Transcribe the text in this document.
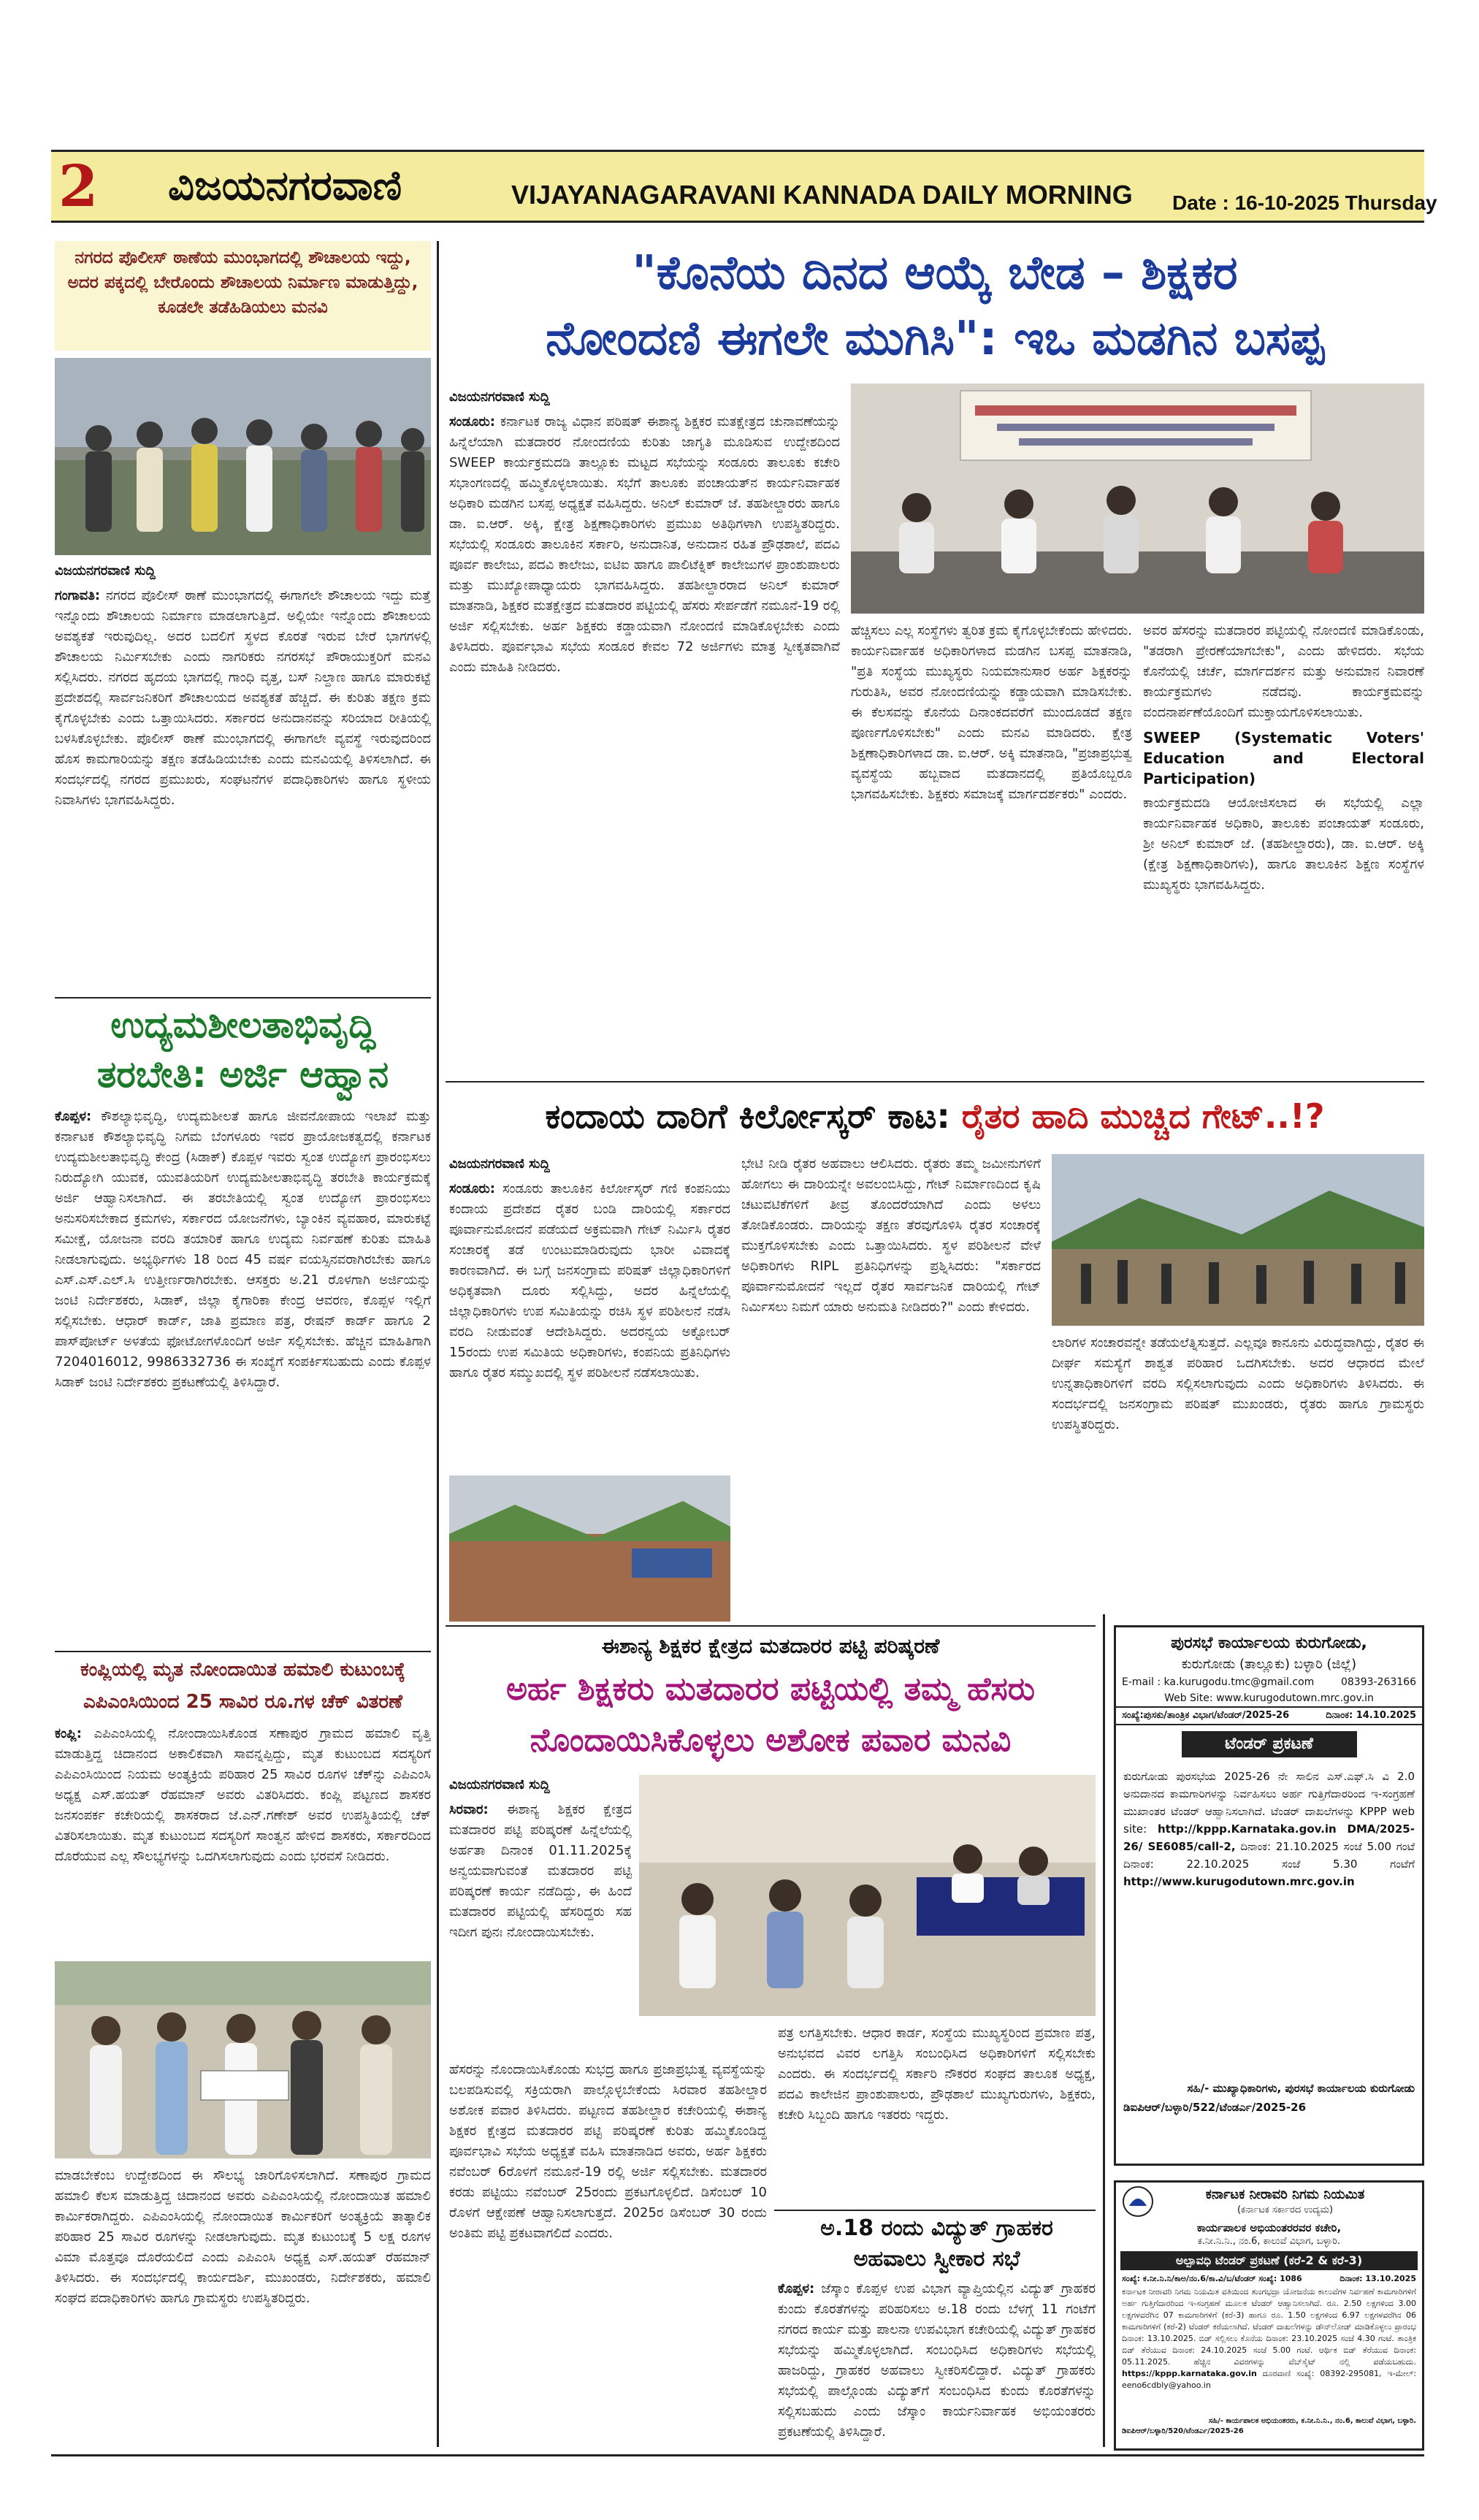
2 ವಿಜಯನಗರವಾಣಿ	VIJAYANAGARAVANI KANNADA DAILY MORNING Date : 16-10-2025 Thursday
ನಗರದ ಪೊಲೀಸ್ ಠಾಣೆಯ ಮುಂಭಾಗದಲ್ಲಿ ಶೌಚಾಲಯ ಇದ್ದು, ಅದರ ಪಕ್ಕದಲ್ಲಿ ಬೇರೊಂದು ಶೌಚಾಲಯ ನಿರ್ಮಾಣ ಮಾಡುತ್ತಿದ್ದು, ಕೂಡಲೇ ತಡೆಹಿಡಿಯಲು ಮನವಿ

ವಿಜಯನಗರವಾಣಿ ಸುದ್ದಿ

ಗಂಗಾವತಿ: ನಗರದ ಪೊಲೀಸ್ ಠಾಣೆ ಮುಂಭಾಗದಲ್ಲಿ ಈಗಾಗಲೇ ಶೌಚಾಲಯ ಇದ್ದು ಮತ್ತೆ ಇನ್ನೊಂದು ಶೌಚಾಲಯ ನಿರ್ಮಾಣ ಮಾಡಲಾಗುತ್ತಿದೆ. ಅಲ್ಲಿಯೇ ಇನ್ನೊಂದು ಶೌಚಾಲಯ ಅವಶ್ಯಕತೆ ಇರುವುದಿಲ್ಲ. ಅದರ ಬದಲಿಗೆ ಸ್ಥಳದ ಕೊರತೆ ಇರುವ ಬೇರೆ ಭಾಗಗಳಲ್ಲಿ ಶೌಚಾಲಯ ನಿರ್ಮಿಸಬೇಕು ಎಂದು ನಾಗರಿಕರು ನಗರಸಭೆ ಪೌರಾಯುಕ್ತರಿಗೆ ಮನವಿ ಸಲ್ಲಿಸಿದರು. ನಗರದ ಹೃದಯ ಭಾಗದಲ್ಲಿ ಗಾಂಧಿ ವೃತ್ತ, ಬಸ್ ನಿಲ್ದಾಣ ಹಾಗೂ ಮಾರುಕಟ್ಟೆ ಪ್ರದೇಶದಲ್ಲಿ ಸಾರ್ವಜನಿಕರಿಗೆ ಶೌಚಾಲಯದ ಅವಶ್ಯಕತೆ ಹೆಚ್ಚಿದೆ. ಈ ಕುರಿತು ತಕ್ಷಣ ಕ್ರಮ ಕೈಗೊಳ್ಳಬೇಕು ಎಂದು ಒತ್ತಾಯಿಸಿದರು. ಸರ್ಕಾರದ ಅನುದಾನವನ್ನು ಸರಿಯಾದ ರೀತಿಯಲ್ಲಿ ಬಳಸಿಕೊಳ್ಳಬೇಕು. ಪೊಲೀಸ್ ಠಾಣೆ ಮುಂಭಾಗದಲ್ಲಿ ಈಗಾಗಲೇ ವ್ಯವಸ್ಥೆ ಇರುವುದರಿಂದ ಹೊಸ ಕಾಮಗಾರಿಯನ್ನು ತಕ್ಷಣ ತಡೆಹಿಡಿಯಬೇಕು ಎಂದು ಮನವಿಯಲ್ಲಿ ತಿಳಿಸಲಾಗಿದೆ. ಈ ಸಂದರ್ಭದಲ್ಲಿ ನಗರದ ಪ್ರಮುಖರು, ಸಂಘಟನೆಗಳ ಪದಾಧಿಕಾರಿಗಳು ಹಾಗೂ ಸ್ಥಳೀಯ ನಿವಾಸಿಗಳು ಭಾಗವಹಿಸಿದ್ದರು.

ಉದ್ಯಮಶೀಲತಾಭಿವೃದ್ಧಿ
ತರಬೇತಿ: ಅರ್ಜಿ ಆಹ್ವಾನ

ಕೊಪ್ಪಳ: ಕೌಶಲ್ಯಾಭಿವೃದ್ಧಿ, ಉದ್ಯಮಶೀಲತೆ ಹಾಗೂ ಜೀವನೋಪಾಯ ಇಲಾಖೆ ಮತ್ತು ಕರ್ನಾಟಕ ಕೌಶಲ್ಯಾಭಿವೃದ್ಧಿ ನಿಗಮ ಬೆಂಗಳೂರು ಇವರ ಪ್ರಾಯೋಜಕತ್ವದಲ್ಲಿ ಕರ್ನಾಟಕ ಉದ್ಯಮಶೀಲತಾಭಿವೃದ್ಧಿ ಕೇಂದ್ರ (ಸಿಡಾಕ್) ಕೊಪ್ಪಳ ಇವರು ಸ್ವಂತ ಉದ್ಯೋಗ ಪ್ರಾರಂಭಿಸಲು ನಿರುದ್ಯೋಗಿ ಯುವಕ, ಯುವತಿಯರಿಗೆ ಉದ್ಯಮಶೀಲತಾಭಿವೃದ್ಧಿ ತರಬೇತಿ ಕಾರ್ಯಕ್ರಮಕ್ಕೆ ಅರ್ಜಿ ಆಹ್ವಾನಿಸಲಾಗಿದೆ. ಈ ತರಬೇತಿಯಲ್ಲಿ ಸ್ವಂತ ಉದ್ಯೋಗ ಪ್ರಾರಂಭಿಸಲು ಅನುಸರಿಸಬೇಕಾದ ಕ್ರಮಗಳು, ಸರ್ಕಾರದ ಯೋಜನೆಗಳು, ಬ್ಯಾಂಕಿನ ವ್ಯವಹಾರ, ಮಾರುಕಟ್ಟೆ ಸಮೀಕ್ಷೆ, ಯೋಜನಾ ವರದಿ ತಯಾರಿಕೆ ಹಾಗೂ ಉದ್ಯಮ ನಿರ್ವಹಣೆ ಕುರಿತು ಮಾಹಿತಿ ನೀಡಲಾಗುವುದು. ಅಭ್ಯರ್ಥಿಗಳು 18 ರಿಂದ 45 ವರ್ಷ ವಯಸ್ಸಿನವರಾಗಿರಬೇಕು ಹಾಗೂ ಎಸ್.ಎಸ್.ಎಲ್.ಸಿ ಉತ್ತೀರ್ಣರಾಗಿರಬೇಕು. ಆಸಕ್ತರು ಅ.21 ರೊಳಗಾಗಿ ಅರ್ಜಿಯನ್ನು ಜಂಟಿ ನಿರ್ದೇಶಕರು, ಸಿಡಾಕ್, ಜಿಲ್ಲಾ ಕೈಗಾರಿಕಾ ಕೇಂದ್ರ ಆವರಣ, ಕೊಪ್ಪಳ ಇಲ್ಲಿಗೆ ಸಲ್ಲಿಸಬೇಕು. ಆಧಾರ್ ಕಾರ್ಡ್, ಜಾತಿ ಪ್ರಮಾಣ ಪತ್ರ, ರೇಷನ್ ಕಾರ್ಡ್ ಹಾಗೂ 2 ಪಾಸ್‌ಪೋರ್ಟ್ ಅಳತೆಯ ಫೋಟೋಗಳೊಂದಿಗೆ ಅರ್ಜಿ ಸಲ್ಲಿಸಬೇಕು. ಹೆಚ್ಚಿನ ಮಾಹಿತಿಗಾಗಿ 7204016012, 9986332736 ಈ ಸಂಖ್ಯೆಗೆ ಸಂಪರ್ಕಿಸಬಹುದು ಎಂದು ಕೊಪ್ಪಳ ಸಿಡಾಕ್ ಜಂಟಿ ನಿರ್ದೇಶಕರು ಪ್ರಕಟಣೆಯಲ್ಲಿ ತಿಳಿಸಿದ್ದಾರೆ.

ಕಂಪ್ಲಿಯಲ್ಲಿ ಮೃತ ನೋಂದಾಯಿತ ಹಮಾಲಿ ಕುಟುಂಬಕ್ಕೆ
ಎಪಿಎಂಸಿಯಿಂದ 25 ಸಾವಿರ ರೂ.ಗಳ ಚೆಕ್ ವಿತರಣೆ

ಕಂಪ್ಲಿ: ಎಪಿಎಂಸಿಯಲ್ಲಿ ನೋಂದಾಯಿಸಿಕೊಂಡ ಸಣಾಪುರ ಗ್ರಾಮದ ಹಮಾಲಿ ವೃತ್ತಿ ಮಾಡುತ್ತಿದ್ದ ಚಿದಾನಂದ ಅಕಾಲಿಕವಾಗಿ ಸಾವನ್ನಪ್ಪಿದ್ದು, ಮೃತ ಕುಟುಂಬದ ಸದಸ್ಯರಿಗೆ ಎಪಿಎಂಸಿಯಿಂದ ನಿಯಮ ಅಂತ್ಯಕ್ರಿಯೆ ಪರಿಹಾರ 25 ಸಾವಿರ ರೂಗಳ ಚೆಕ್‌ನ್ನು ಎಪಿಎಂಸಿ ಅಧ್ಯಕ್ಷ ಎಸ್.ಹಯತ್ ರೆಹಮಾನ್ ಅವರು ವಿತರಿಸಿದರು. ಕಂಪ್ಲಿ ಪಟ್ಟಣದ ಶಾಸಕರ ಜನಸಂಪರ್ಕ ಕಚೇರಿಯಲ್ಲಿ ಶಾಸಕರಾದ ಜೆ.ಎನ್.ಗಣೇಶ್ ಅವರ ಉಪಸ್ಥಿತಿಯಲ್ಲಿ ಚೆಕ್ ವಿತರಿಸಲಾಯಿತು. ಮೃತ ಕುಟುಂಬದ ಸದಸ್ಯರಿಗೆ ಸಾಂತ್ವನ ಹೇಳಿದ ಶಾಸಕರು, ಸರ್ಕಾರದಿಂದ ದೊರೆಯುವ ಎಲ್ಲ ಸೌಲಭ್ಯಗಳನ್ನು ಒದಗಿಸಲಾಗುವುದು ಎಂದು ಭರವಸೆ ನೀಡಿದರು.

ಮಾಡಬೇಕೆಂಬ ಉದ್ದೇಶದಿಂದ ಈ ಸೌಲಭ್ಯ ಜಾರಿಗೊಳಿಸಲಾಗಿದೆ. ಸಣಾಪುರ ಗ್ರಾಮದ ಹಮಾಲಿ ಕೆಲಸ ಮಾಡುತ್ತಿದ್ದ ಚಿದಾನಂದ ಅವರು ಎಪಿಎಂಸಿಯಲ್ಲಿ ನೋಂದಾಯಿತ ಹಮಾಲಿ ಕಾರ್ಮಿಕರಾಗಿದ್ದರು. ಎಪಿಎಂಸಿಯಲ್ಲಿ ನೋಂದಾಯಿತ ಕಾರ್ಮಿಕರಿಗೆ ಅಂತ್ಯಕ್ರಿಯೆ ತಾತ್ಕಾಲಿಕ ಪರಿಹಾರ 25 ಸಾವಿರ ರೂಗಳನ್ನು ನೀಡಲಾಗುವುದು. ಮೃತ ಕುಟುಂಬಕ್ಕೆ 5 ಲಕ್ಷ ರೂಗಳ ವಿಮಾ ಮೊತ್ತವೂ ದೊರೆಯಲಿದೆ ಎಂದು ಎಪಿಎಂಸಿ ಅಧ್ಯಕ್ಷ ಎಸ್.ಹಯತ್ ರೆಹಮಾನ್ ತಿಳಿಸಿದರು. ಈ ಸಂದರ್ಭದಲ್ಲಿ ಕಾರ್ಯದರ್ಶಿ, ಮುಖಂಡರು, ನಿರ್ದೇಶಕರು, ಹಮಾಲಿ ಸಂಘದ ಪದಾಧಿಕಾರಿಗಳು ಹಾಗೂ ಗ್ರಾಮಸ್ಥರು ಉಪಸ್ಥಿತರಿದ್ದರು.

"ಕೊನೆಯ ದಿನದ ಆಯ್ಕೆ ಬೇಡ – ಶಿಕ್ಷಕರ
ನೋಂದಣಿ ಈಗಲೇ ಮುಗಿಸಿ": ಇಒ ಮಡಗಿನ ಬಸಪ್ಪ

ವಿಜಯನಗರವಾಣಿ ಸುದ್ದಿ

ಸಂಡೂರು: ಕರ್ನಾಟಕ ರಾಜ್ಯ ವಿಧಾನ ಪರಿಷತ್ ಈಶಾನ್ಯ ಶಿಕ್ಷಕರ ಮತಕ್ಷೇತ್ರದ ಚುನಾವಣೆಯನ್ನು ಹಿನ್ನೆಲೆಯಾಗಿ ಮತದಾರರ ನೋಂದಣಿಯ ಕುರಿತು ಜಾಗೃತಿ ಮೂಡಿಸುವ ಉದ್ದೇಶದಿಂದ SWEEP ಕಾರ್ಯಕ್ರಮದಡಿ ತಾಲ್ಲೂಕು ಮಟ್ಟದ ಸಭೆಯನ್ನು ಸಂಡೂರು ತಾಲೂಕು ಕಚೇರಿ ಸಭಾಂಗಣದಲ್ಲಿ ಹಮ್ಮಿಕೊಳ್ಳಲಾಯಿತು. ಸಭೆಗೆ ತಾಲೂಕು ಪಂಚಾಯತ್‌ನ ಕಾರ್ಯನಿರ್ವಾಹಕ ಅಧಿಕಾರಿ ಮಡಗಿನ ಬಸಪ್ಪ ಅಧ್ಯಕ್ಷತೆ ವಹಿಸಿದ್ದರು. ಅನಿಲ್ ಕುಮಾರ್ ಜೆ. ತಹಶೀಲ್ದಾರರು ಹಾಗೂ ಡಾ. ಐ.ಆರ್. ಅಕ್ಕಿ, ಕ್ಷೇತ್ರ ಶಿಕ್ಷಣಾಧಿಕಾರಿಗಳು ಪ್ರಮುಖ ಅತಿಥಿಗಳಾಗಿ ಉಪಸ್ಥಿತರಿದ್ದರು. ಸಭೆಯಲ್ಲಿ ಸಂಡೂರು ತಾಲೂಕಿನ ಸರ್ಕಾರಿ, ಅನುದಾನಿತ, ಅನುದಾನ ರಹಿತ ಪ್ರೌಢಶಾಲೆ, ಪದವಿ ಪೂರ್ವ ಕಾಲೇಜು, ಪದವಿ ಕಾಲೇಜು, ಐಟಿಐ ಹಾಗೂ ಪಾಲಿಟೆಕ್ನಿಕ್ ಕಾಲೇಜುಗಳ ಪ್ರಾಂಶುಪಾಲರು ಮತ್ತು ಮುಖ್ಯೋಪಾಧ್ಯಾಯರು ಭಾಗವಹಿಸಿದ್ದರು. ತಹಶೀಲ್ದಾರರಾದ ಅನಿಲ್ ಕುಮಾರ್ ಮಾತನಾಡಿ, ಶಿಕ್ಷಕರ ಮತಕ್ಷೇತ್ರದ ಮತದಾರರ ಪಟ್ಟಿಯಲ್ಲಿ ಹೆಸರು ಸೇರ್ಪಡೆಗೆ ನಮೂನೆ-19 ರಲ್ಲಿ ಅರ್ಜಿ ಸಲ್ಲಿಸಬೇಕು. ಅರ್ಹ ಶಿಕ್ಷಕರು ಕಡ್ಡಾಯವಾಗಿ ನೋಂದಣಿ ಮಾಡಿಕೊಳ್ಳಬೇಕು ಎಂದು ತಿಳಿಸಿದರು. ಪೂರ್ವಭಾವಿ ಸಭೆಯ ಸಂಡೂರ ಕೇವಲ 72 ಅರ್ಜಿಗಳು ಮಾತ್ರ ಸ್ವೀಕೃತವಾಗಿವೆ ಎಂದು ಮಾಹಿತಿ ನೀಡಿದರು.

ಹೆಚ್ಚಿಸಲು ಎಲ್ಲ ಸಂಸ್ಥೆಗಳು ತ್ವರಿತ ಕ್ರಮ ಕೈಗೊಳ್ಳಬೇಕೆಂದು ಹೇಳಿದರು. ಕಾರ್ಯನಿರ್ವಾಹಕ ಅಧಿಕಾರಿಗಳಾದ ಮಡಗಿನ ಬಸಪ್ಪ ಮಾತನಾಡಿ, "ಪ್ರತಿ ಸಂಸ್ಥೆಯ ಮುಖ್ಯಸ್ಥರು ನಿಯಮಾನುಸಾರ ಅರ್ಹ ಶಿಕ್ಷಕರನ್ನು ಗುರುತಿಸಿ, ಅವರ ನೋಂದಣಿಯನ್ನು ಕಡ್ಡಾಯವಾಗಿ ಮಾಡಿಸಬೇಕು. ಈ ಕೆಲಸವನ್ನು ಕೊನೆಯ ದಿನಾಂಕದವರೆಗೆ ಮುಂದೂಡದೆ ತಕ್ಷಣ ಪೂರ್ಣಗೊಳಿಸಬೇಕು" ಎಂದು ಮನವಿ ಮಾಡಿದರು. ಕ್ಷೇತ್ರ ಶಿಕ್ಷಣಾಧಿಕಾರಿಗಳಾದ ಡಾ. ಐ.ಆರ್. ಅಕ್ಕಿ ಮಾತನಾಡಿ, "ಪ್ರಜಾಪ್ರಭುತ್ವ ವ್ಯವಸ್ಥೆಯ ಹಬ್ಬವಾದ ಮತದಾನದಲ್ಲಿ ಪ್ರತಿಯೊಬ್ಬರೂ ಭಾಗವಹಿಸಬೇಕು. ಶಿಕ್ಷಕರು ಸಮಾಜಕ್ಕೆ ಮಾರ್ಗದರ್ಶಕರು" ಎಂದರು.

ಅವರ ಹೆಸರನ್ನು ಮತದಾರರ ಪಟ್ಟಿಯಲ್ಲಿ ನೋಂದಣಿ ಮಾಡಿಕೊಂಡು, "ತಡರಾಗಿ ಪ್ರೇರಣೆಯಾಗಬೇಕು", ಎಂದು ಹೇಳಿದರು. ಸಭೆಯ ಕೊನೆಯಲ್ಲಿ ಚರ್ಚೆ, ಮಾರ್ಗದರ್ಶನ ಮತ್ತು ಅನುಮಾನ ನಿವಾರಣೆ ಕಾರ್ಯಕ್ರಮಗಳು ನಡೆದವು. ಕಾರ್ಯಕ್ರಮವನ್ನು ವಂದನಾರ್ಪಣೆಯೊಂದಿಗೆ ಮುಕ್ತಾಯಗೊಳಿಸಲಾಯಿತು.

SWEEP (Systematic Voters' Education and Electoral Participation)

ಕಾರ್ಯಕ್ರಮದಡಿ ಆಯೋಜಿಸಲಾದ ಈ ಸಭೆಯಲ್ಲಿ ಎಲ್ಲಾ ಕಾರ್ಯನಿರ್ವಾಹಕ ಅಧಿಕಾರಿ, ತಾಲೂಕು ಪಂಚಾಯತ್ ಸಂಡೂರು, ಶ್ರೀ ಅನಿಲ್ ಕುಮಾರ್ ಜೆ. (ತಹಶೀಲ್ದಾರರು), ಡಾ. ಐ.ಆರ್. ಅಕ್ಕಿ (ಕ್ಷೇತ್ರ ಶಿಕ್ಷಣಾಧಿಕಾರಿಗಳು), ಹಾಗೂ ತಾಲೂಕಿನ ಶಿಕ್ಷಣ ಸಂಸ್ಥೆಗಳ ಮುಖ್ಯಸ್ಥರು ಭಾಗವಹಿಸಿದ್ದರು.

ಕಂದಾಯ ದಾರಿಗೆ ಕಿರ್ಲೋಸ್ಕರ್ ಕಾಟ: ರೈತರ ಹಾದಿ ಮುಚ್ಚಿದ ಗೇಟ್..!?

ವಿಜಯನಗರವಾಣಿ ಸುದ್ದಿ

ಸಂಡೂರು: ಸಂಡೂರು ತಾಲೂಕಿನ ಕಿರ್ಲೋಸ್ಕರ್ ಗಣಿ ಕಂಪನಿಯು ಕಂದಾಯ ಪ್ರದೇಶದ ರೈತರ ಬಂಡಿ ದಾರಿಯಲ್ಲಿ ಸರ್ಕಾರದ ಪೂರ್ವಾನುಮೋದನೆ ಪಡೆಯದೆ ಅಕ್ರಮವಾಗಿ ಗೇಟ್ ನಿರ್ಮಿಸಿ ರೈತರ ಸಂಚಾರಕ್ಕೆ ತಡೆ ಉಂಟುಮಾಡಿರುವುದು ಭಾರೀ ವಿವಾದಕ್ಕೆ ಕಾರಣವಾಗಿದೆ. ಈ ಬಗ್ಗೆ ಜನಸಂಗ್ರಾಮ ಪರಿಷತ್ ಜಿಲ್ಲಾಧಿಕಾರಿಗಳಿಗೆ ಅಧಿಕೃತವಾಗಿ ದೂರು ಸಲ್ಲಿಸಿದ್ದು, ಅದರ ಹಿನ್ನೆಲೆಯಲ್ಲಿ ಜಿಲ್ಲಾಧಿಕಾರಿಗಳು ಉಪ ಸಮಿತಿಯನ್ನು ರಚಿಸಿ ಸ್ಥಳ ಪರಿಶೀಲನೆ ನಡೆಸಿ ವರದಿ ನೀಡುವಂತೆ ಆದೇಶಿಸಿದ್ದರು. ಅದರನ್ವಯ ಅಕ್ಟೋಬರ್ 15ರಂದು ಉಪ ಸಮಿತಿಯ ಅಧಿಕಾರಿಗಳು, ಕಂಪನಿಯ ಪ್ರತಿನಿಧಿಗಳು ಹಾಗೂ ರೈತರ ಸಮ್ಮುಖದಲ್ಲಿ ಸ್ಥಳ ಪರಿಶೀಲನೆ ನಡೆಸಲಾಯಿತು.

ಭೇಟಿ ನೀಡಿ ರೈತರ ಅಹವಾಲು ಆಲಿಸಿದರು. ರೈತರು ತಮ್ಮ ಜಮೀನುಗಳಿಗೆ ಹೋಗಲು ಈ ದಾರಿಯನ್ನೇ ಅವಲಂಬಿಸಿದ್ದು, ಗೇಟ್ ನಿರ್ಮಾಣದಿಂದ ಕೃಷಿ ಚಟುವಟಿಕೆಗಳಿಗೆ ತೀವ್ರ ತೊಂದರೆಯಾಗಿದೆ ಎಂದು ಅಳಲು ತೋಡಿಕೊಂಡರು. ದಾರಿಯನ್ನು ತಕ್ಷಣ ತೆರವುಗೊಳಿಸಿ ರೈತರ ಸಂಚಾರಕ್ಕೆ ಮುಕ್ತಗೊಳಿಸಬೇಕು ಎಂದು ಒತ್ತಾಯಿಸಿದರು. ಸ್ಥಳ ಪರಿಶೀಲನೆ ವೇಳೆ ಅಧಿಕಾರಿಗಳು RIPL ಪ್ರತಿನಿಧಿಗಳನ್ನು ಪ್ರಶ್ನಿಸಿದರು: "ಸರ್ಕಾರದ ಪೂರ್ವಾನುಮೋದನೆ ಇಲ್ಲದೆ ರೈತರ ಸಾರ್ವಜನಿಕ ದಾರಿಯಲ್ಲಿ ಗೇಟ್ ನಿರ್ಮಿಸಲು ನಿಮಗೆ ಯಾರು ಅನುಮತಿ ನೀಡಿದರು?" ಎಂದು ಕೇಳಿದರು.

ಲಾರಿಗಳ ಸಂಚಾರವನ್ನೇ ತಡೆಯಲೆತ್ನಿಸುತ್ತದೆ. ಎಲ್ಲವೂ ಕಾನೂನು ವಿರುದ್ಧವಾಗಿದ್ದು, ರೈತರ ಈ ದೀರ್ಘ ಸಮಸ್ಯೆಗೆ ಶಾಶ್ವತ ಪರಿಹಾರ ಒದಗಿಸಬೇಕು. ಅದರ ಆಧಾರದ ಮೇಲೆ ಉನ್ನತಾಧಿಕಾರಿಗಳಿಗೆ ವರದಿ ಸಲ್ಲಿಸಲಾಗುವುದು ಎಂದು ಅಧಿಕಾರಿಗಳು ತಿಳಿಸಿದರು. ಈ ಸಂದರ್ಭದಲ್ಲಿ ಜನಸಂಗ್ರಾಮ ಪರಿಷತ್ ಮುಖಂಡರು, ರೈತರು ಹಾಗೂ ಗ್ರಾಮಸ್ಥರು ಉಪಸ್ಥಿತರಿದ್ದರು.

ಈಶಾನ್ಯ ಶಿಕ್ಷಕರ ಕ್ಷೇತ್ರದ ಮತದಾರರ ಪಟ್ಟಿ ಪರಿಷ್ಕರಣೆ
ಅರ್ಹ ಶಿಕ್ಷಕರು ಮತದಾರರ ಪಟ್ಟಿಯಲ್ಲಿ ತಮ್ಮ ಹೆಸರು
ನೊಂದಾಯಿಸಿಕೊಳ್ಳಲು ಅಶೋಕ ಪವಾರ ಮನವಿ

ವಿಜಯನಗರವಾಣಿ ಸುದ್ದಿ

ಸಿರವಾರ: ಈಶಾನ್ಯ ಶಿಕ್ಷಕರ ಕ್ಷೇತ್ರದ ಮತದಾರರ ಪಟ್ಟಿ ಪರಿಷ್ಕರಣೆ ಹಿನ್ನೆಲೆಯಲ್ಲಿ ಅರ್ಹತಾ ದಿನಾಂಕ 01.11.2025ಕ್ಕೆ ಅನ್ವಯವಾಗುವಂತೆ ಮತದಾರರ ಪಟ್ಟಿ ಪರಿಷ್ಕರಣೆ ಕಾರ್ಯ ನಡೆದಿದ್ದು, ಈ ಹಿಂದೆ ಮತದಾರರ ಪಟ್ಟಿಯಲ್ಲಿ ಹೆಸರಿದ್ದರು ಸಹ ಇದೀಗ ಪುನಃ ನೋಂದಾಯಿಸಬೇಕು.

ಹೆಸರನ್ನು ನೊಂದಾಯಿಸಿಕೊಂಡು ಸುಭದ್ರ ಹಾಗೂ ಪ್ರಜಾಪ್ರಭುತ್ವ ವ್ಯವಸ್ಥೆಯನ್ನು ಬಲಪಡಿಸುವಲ್ಲಿ ಸಕ್ರಿಯರಾಗಿ ಪಾಲ್ಗೊಳ್ಳಬೇಕೆಂದು ಸಿರವಾರ ತಹಶೀಲ್ದಾರ ಅಶೋಕ ಪವಾರ ತಿಳಿಸಿದರು. ಪಟ್ಟಣದ ತಹಶೀಲ್ದಾರ ಕಚೇರಿಯಲ್ಲಿ ಈಶಾನ್ಯ ಶಿಕ್ಷಕರ ಕ್ಷೇತ್ರದ ಮತದಾರರ ಪಟ್ಟಿ ಪರಿಷ್ಕರಣೆ ಕುರಿತು ಹಮ್ಮಿಕೊಂಡಿದ್ದ ಪೂರ್ವಭಾವಿ ಸಭೆಯ ಅಧ್ಯಕ್ಷತೆ ವಹಿಸಿ ಮಾತನಾಡಿದ ಅವರು, ಅರ್ಹ ಶಿಕ್ಷಕರು ನವೆಂಬರ್ 6ರೊಳಗೆ ನಮೂನೆ-19 ರಲ್ಲಿ ಅರ್ಜಿ ಸಲ್ಲಿಸಬೇಕು. ಮತದಾರರ ಕರಡು ಪಟ್ಟಿಯು ನವೆಂಬರ್ 25ರಂದು ಪ್ರಕಟಗೊಳ್ಳಲಿದೆ. ಡಿಸೆಂಬರ್ 10 ರೊಳಗೆ ಆಕ್ಷೇಪಣೆ ಆಹ್ವಾನಿಸಲಾಗುತ್ತದೆ. 2025ರ ಡಿಸೆಂಬರ್ 30 ರಂದು ಅಂತಿಮ ಪಟ್ಟಿ ಪ್ರಕಟವಾಗಲಿದೆ ಎಂದರು.

ಪತ್ರ ಲಗತ್ತಿಸಬೇಕು. ಆಧಾರ ಕಾರ್ಡ, ಸಂಸ್ಥೆಯ ಮುಖ್ಯಸ್ಥರಿಂದ ಪ್ರಮಾಣ ಪತ್ರ, ಅನುಭವದ ವಿವರ ಲಗತ್ತಿಸಿ ಸಂಬಂಧಿಸಿದ ಅಧಿಕಾರಿಗಳಿಗೆ ಸಲ್ಲಿಸಬೇಕು ಎಂದರು. ಈ ಸಂದರ್ಭದಲ್ಲಿ ಸರ್ಕಾರಿ ನೌಕರರ ಸಂಘದ ತಾಲೂಕ ಅಧ್ಯಕ್ಷ, ಪದವಿ ಕಾಲೇಜಿನ ಪ್ರಾಂಶುಪಾಲರು, ಪ್ರೌಢಶಾಲೆ ಮುಖ್ಯಗುರುಗಳು, ಶಿಕ್ಷಕರು, ಕಚೇರಿ ಸಿಬ್ಬಂದಿ ಹಾಗೂ ಇತರರು ಇದ್ದರು.

ಅ.18 ರಂದು ವಿದ್ಯುತ್ ಗ್ರಾಹಕರ
ಅಹವಾಲು ಸ್ವೀಕಾರ ಸಭೆ

ಕೊಪ್ಪಳ: ಜೆಸ್ಕಾಂ ಕೊಪ್ಪಳ ಉಪ ವಿಭಾಗ ವ್ಯಾಪ್ತಿಯಲ್ಲಿನ ವಿದ್ಯುತ್ ಗ್ರಾಹಕರ ಕುಂದು ಕೊರತೆಗಳನ್ನು ಪರಿಹರಿಸಲು ಅ.18 ರಂದು ಬೆಳಗ್ಗೆ 11 ಗಂಟೆಗೆ ನಗರದ ಕಾರ್ಯ ಮತ್ತು ಪಾಲನಾ ಉಪವಿಭಾಗ ಕಚೇರಿಯಲ್ಲಿ ವಿದ್ಯುತ್ ಗ್ರಾಹಕರ ಸಭೆಯನ್ನು ಹಮ್ಮಿಕೊಳ್ಳಲಾಗಿದೆ. ಸಂಬಂಧಿಸಿದ ಅಧಿಕಾರಿಗಳು ಸಭೆಯಲ್ಲಿ ಹಾಜರಿದ್ದು, ಗ್ರಾಹಕರ ಅಹವಾಲು ಸ್ವೀಕರಿಸಲಿದ್ದಾರೆ. ವಿದ್ಯುತ್ ಗ್ರಾಹಕರು ಸಭೆಯಲ್ಲಿ ಪಾಲ್ಗೊಂಡು ವಿದ್ಯುತ್‌ಗೆ ಸಂಬಂಧಿಸಿದ ಕುಂದು ಕೊರತೆಗಳನ್ನು ಸಲ್ಲಿಸಬಹುದು ಎಂದು ಜೆಸ್ಕಾಂ ಕಾರ್ಯನಿರ್ವಾಹಕ ಅಭಿಯಂತರರು ಪ್ರಕಟಣೆಯಲ್ಲಿ ತಿಳಿಸಿದ್ದಾರೆ.

ಪುರಸಭೆ ಕಾರ್ಯಾಲಯ ಕುರುಗೋಡು,
ಕುರುಗೋಡು (ತಾಲ್ಲೂಕು) ಬಳ್ಳಾರಿ (ಜಿಲ್ಲೆ)
E-mail : ka.kurugodu.tmc@gmail.com	08393-263166
Web Site: www.kurugodutown.mrc.gov.in
ಸಂಖ್ಯೆ:ಪುಸಕು/ತಾಂತ್ರಿಕ ವಿಭಾಗ/ಟೆಂಡರ್/2025-26	ದಿನಾಂಕ: 14.10.2025
ಟೆಂಡರ್ ಪ್ರಕಟಣೆ
ಕುರುಗೋಡು ಪುರಸಭೆಯ 2025-26 ನೇ ಸಾಲಿನ ಎಸ್.ಎಫ್.ಸಿ ವಿ 2.0 ಅನುದಾನದ ಕಾಮಗಾರಿಗಳನ್ನು ನಿರ್ವಹಿಸಲು ಅರ್ಹ ಗುತ್ತಿಗೆದಾರರಿಂದ ಇ-ಸಂಗ್ರಹಣೆ ಮುಖಾಂತರ ಟೆಂಡರ್ ಆಹ್ವಾನಿಸಲಾಗಿದೆ. ಟೆಂಡರ್ ದಾಖಲೆಗಳನ್ನು KPPP web site: http://kppp.Karnataka.gov.in DMA/2025-26/ SE6085/call-2, ದಿನಾಂಕ: 21.10.2025 ಸಂಜೆ 5.00 ಗಂಟೆ ದಿನಾಂಕ: 22.10.2025 ಸಂಜೆ 5.30 ಗಂಟೆಗೆ http://www.kurugodutown.mrc.gov.in
ಸಹಿ/- ಮುಖ್ಯಾಧಿಕಾರಿಗಳು, ಪುರಸಭೆ ಕಾರ್ಯಾಲಯ ಕುರುಗೋಡು
ಡಿಐಪಿಆರ್/ಬಳ್ಳಾರಿ/522/ಟೆಂಡರ್ಎ/2025-26
ಕರ್ನಾಟಕ ನೀರಾವರಿ ನಿಗಮ ನಿಯಮಿತ
(ಕರ್ನಾಟಕ ಸರ್ಕಾರದ ಉದ್ಯಮ)
ಕಾರ್ಯಪಾಲಕ ಅಭಿಯಂತರರವರ ಕಚೇರಿ,
ಕ.ನೀ.ನಿ.ನಿ., ನಂ.6, ಕಾಲುವೆ ವಿಭಾಗ, ಬಳ್ಳಾರಿ.
ಅಲ್ಪಾವಧಿ ಟೆಂಡರ್ ಪ್ರಕಟಣೆ (ಕರೆ-2 & ಕರೆ-3)
ಸಂಖ್ಯೆ: ಕ.ನೀ.ನಿ.ನಿ/ಕಾಅ/ನಂ.6/ಕಾ.ವಿ/ಬ/ಟೆಂಡರ್ ಸಂಖ್ಯೆ: 1086	ದಿನಾಂಕ: 13.10.2025
ಕರ್ನಾಟಕ ನೀರಾವರಿ ನಿಗಮ ನಿಯಮಿತ ವತಿಯಿಂದ ತುಂಗಭದ್ರಾ ಯೋಜನೆಯ ಕಾಲುವೆಗಳ ನಿರ್ವಹಣೆ ಕಾಮಗಾರಿಗಳಿಗೆ ಅರ್ಹ ಗುತ್ತಿಗೆದಾರರಿಂದ ಇ-ಸಂಗ್ರಹಣೆ ಮೂಲಕ ಟೆಂಡರ್ ಆಹ್ವಾನಿಸಲಾಗಿದೆ. ರೂ. 2.50 ಲಕ್ಷಗಳಿಂದ 3.00 ಲಕ್ಷಗಳವರೆಗಿನ 07 ಕಾಮಗಾರಿಗಳಿಗೆ (ಕರೆ-3) ಹಾಗೂ ರೂ. 1.50 ಲಕ್ಷಗಳಿಂದ 6.97 ಲಕ್ಷಗಳವರೆಗಿನ 06 ಕಾಮಗಾರಿಗಳಿಗೆ (ಕರೆ-2) ಟೆಂಡರ್ ಕರೆಯಲಾಗಿದೆ. ಟೆಂಡರ್ ದಾಖಲೆಗಳನ್ನು ಡೌನ್‌ಲೋಡ್ ಮಾಡಿಕೊಳ್ಳಲು ಪ್ರಾರಂಭ ದಿನಾಂಕ: 13.10.2025. ಬಿಡ್ ಸಲ್ಲಿಸಲು ಕೊನೆಯ ದಿನಾಂಕ: 23.10.2025 ಸಂಜೆ 4.30 ಗಂಟೆ. ತಾಂತ್ರಿಕ ಬಿಡ್ ತೆರೆಯುವ ದಿನಾಂಕ: 24.10.2025 ಸಂಜೆ 5.00 ಗಂಟೆ. ಆರ್ಥಿಕ ಬಿಡ್ ತೆರೆಯುವ ದಿನಾಂಕ: 05.11.2025. ಹೆಚ್ಚಿನ ವಿವರಗಳನ್ನು ವೆಬ್‌ಸೈಟ್ ನಲ್ಲಿ ಪಡೆಯಬಹುದು. https://kppp.karnataka.gov.in ದೂರವಾಣಿ ಸಂಖ್ಯೆ: 08392-295081, ಇ-ಮೇಲ್: eeno6cdbly@yahoo.in
ಸಹಿ/- ಕಾರ್ಯಪಾಲಕ ಅಭಿಯಂತರರು, ಕ.ನೀ.ನಿ.ನಿ., ನಂ.6, ಕಾಲುವೆ ವಿಭಾಗ, ಬಳ್ಳಾರಿ.
ಡಿಐಪಿಆರ್/ಬಳ್ಳಾರಿ/520/ಟೆಂಡರ್ಎ/2025-26
